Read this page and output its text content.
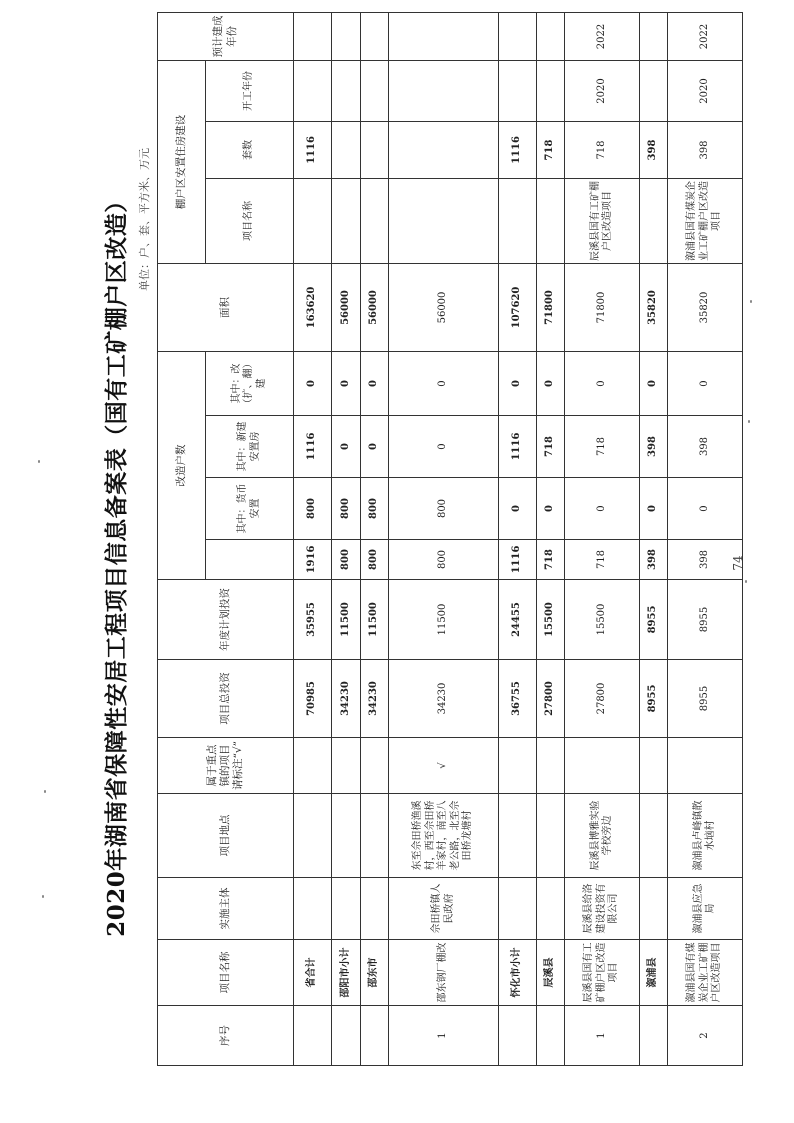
2020年湖南省保障性安居工程项目信息备案表（国有工矿棚户区改造） 单位：户、套、平方米、万元
序号	项目名称	实施主体	项目地点	属于重点镇的项目请标注“√”	项目总投资	年度计划投资	改造户数				面积	棚户区安置住房建设			预计建成年份
								其中：货币安置	其中：新建安置房	其中：改（扩、翻）建		项目名称	套数	开工年份	
	省合计				70985	35955	1916	800	1116	0	163620		1116		
	邵阳市小计				34230	11500	800	800	0	0	56000				
	邵东市				34230	11500	800	800	0	0	56000				
1	邵东钢厂棚改	佘田桥镇人民政府	东至佘田桥渔溪村，西至佘田桥羊家村，南至八老公路，北至佘田桥龙塘村	√	34230	11500	800	800	0	0	56000				
	怀化市小计				36755	24455	1116	0	1116	0	107620		1116		
	辰溪县				27800	15500	718	0	718	0	71800		718		
1	辰溪县国有工矿棚户区改造项目	辰溪县给洛建设投资有限公司	辰溪县博雅实验学校旁边		27800	15500	718	0	718	0	71800	辰溪县国有工矿棚户区改造项目	718	2020	2022
	溆浦县				8955	8955	398	0	398	0	35820		398		
2	溆浦县国有煤炭企业工矿棚户区改造项目	溆浦县应急局	溆浦县卢峰镇散水垴村		8955	8955	398	0	398	0	35820	溆浦县国有煤炭企业工矿棚户区改造项目	398	2020	2022
74
